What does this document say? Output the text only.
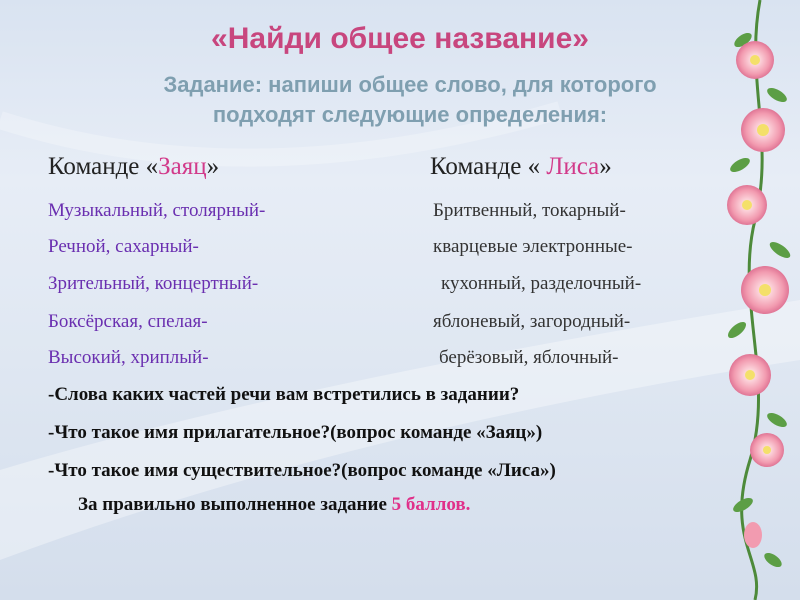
«Найди общее название»
Задание: напиши общее слово, для которого
подходят следующие определения:
Команде «Заяц»	Команде « Лиса»
Музыкальный, столярный-
Речной, сахарный-
Зрительный, концертный-
Боксёрская, спелая-
Высокий, хриплый-
Бритвенный, токарный-
кварцевые электронные-
кухонный, разделочный-
яблоневый, загородный-
берёзовый, яблочный-
-Слова каких частей речи вам встретились в задании?
-Что такое имя прилагательное?(вопрос команде «Заяц»)
-Что такое имя существительное?(вопрос команде «Лиса»)
За правильно выполненное задание 5 баллов.
